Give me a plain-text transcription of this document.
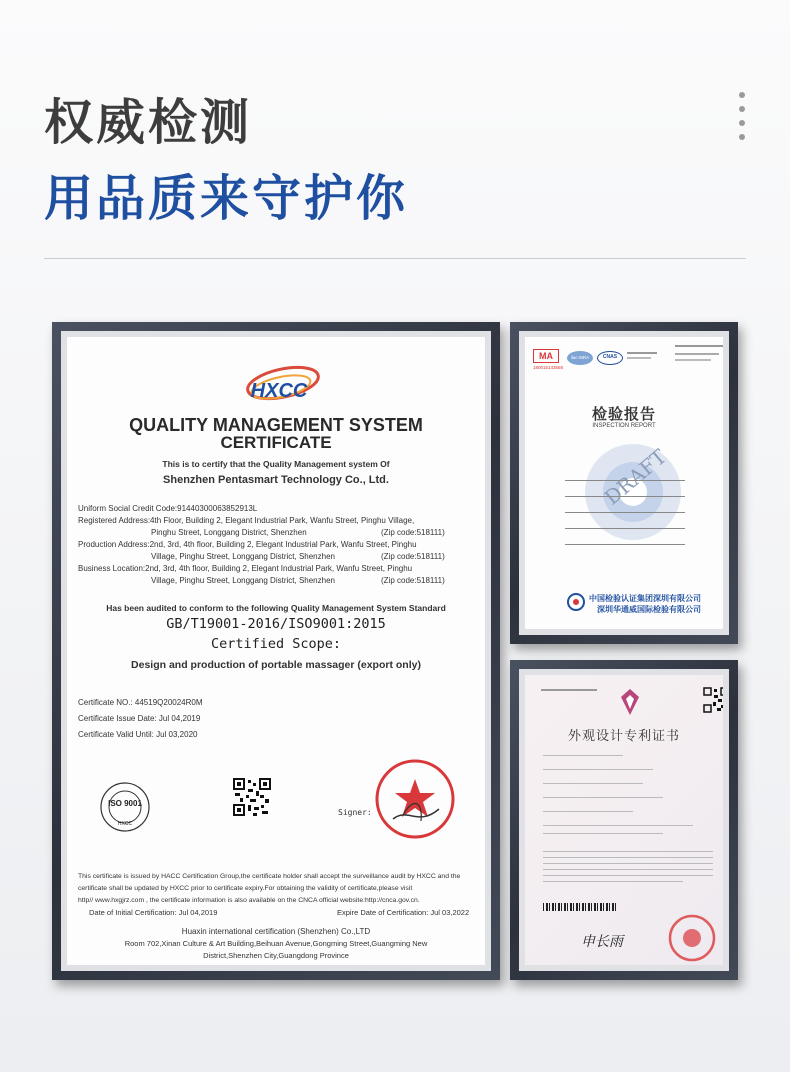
权威检测
用品质来守护你
HXCC
QUALITY MANAGEMENT SYSTEM
CERTIFICATE
This is to certify that the Quality Management system Of
Shenzhen Pentasmart Technology Co., Ltd.
Uniform Social Credit Code:91440300063852913L
Registered Address:4th Floor, Building 2, Elegant Industrial Park, Wanfu Street, Pinghu Village,
Pinghu Street, Longgang District, Shenzhen	(Zip code:518111)
Production Address:2nd, 3rd, 4th floor, Building 2, Elegant Industrial Park, Wanfu Street, Pinghu
Village, Pinghu Street, Longgang District, Shenzhen	(Zip code:518111)
Business Location:2nd, 3rd, 4th floor, Building 2, Elegant Industrial Park, Wanfu Street, Pinghu
Village, Pinghu Street, Longgang District, Shenzhen	(Zip code:518111)
Has been audited to conform to the following Quality Management System Standard
GB/T19001-2016/ISO9001:2015
Certified Scope:
Design and production of portable massager (export only)
Certificate NO.: 44519Q20024R0M
Certificate Issue Date: Jul 04,2019
Certificate Valid Until: Jul 03,2020
ISO 9001
HXCC
Signer:
This certificate is issued by HACC Certification Group,the certificate holder shall accept the surveillance audit by HXCC and the
certificate shall be updated by HXCC prior to certificate expiry.For obtaining the validity of certificate,please visit
http// www.hxgjrz.com , the certificate information is also available on the CNCA official website:http://cnca.gov.cn.
Date of Initial Certification: Jul 04,2019	Expire Date of Certification: Jul 03,2022
Huaxin international certification (Shenzhen) Co.,LTD
Room 702,Xinan Culture & Art Building,Beihuan Avenue,Gongming Street,Guangming New
District,Shenzhen City,Guangdong Province
MA
180015143568
ilac-MRA	CNAS
检验报告
INSPECTION REPORT
DRAFT
中国检验认证集团深圳有限公司
深圳华通威国际检验有限公司
外观设计专利证书
申长雨
